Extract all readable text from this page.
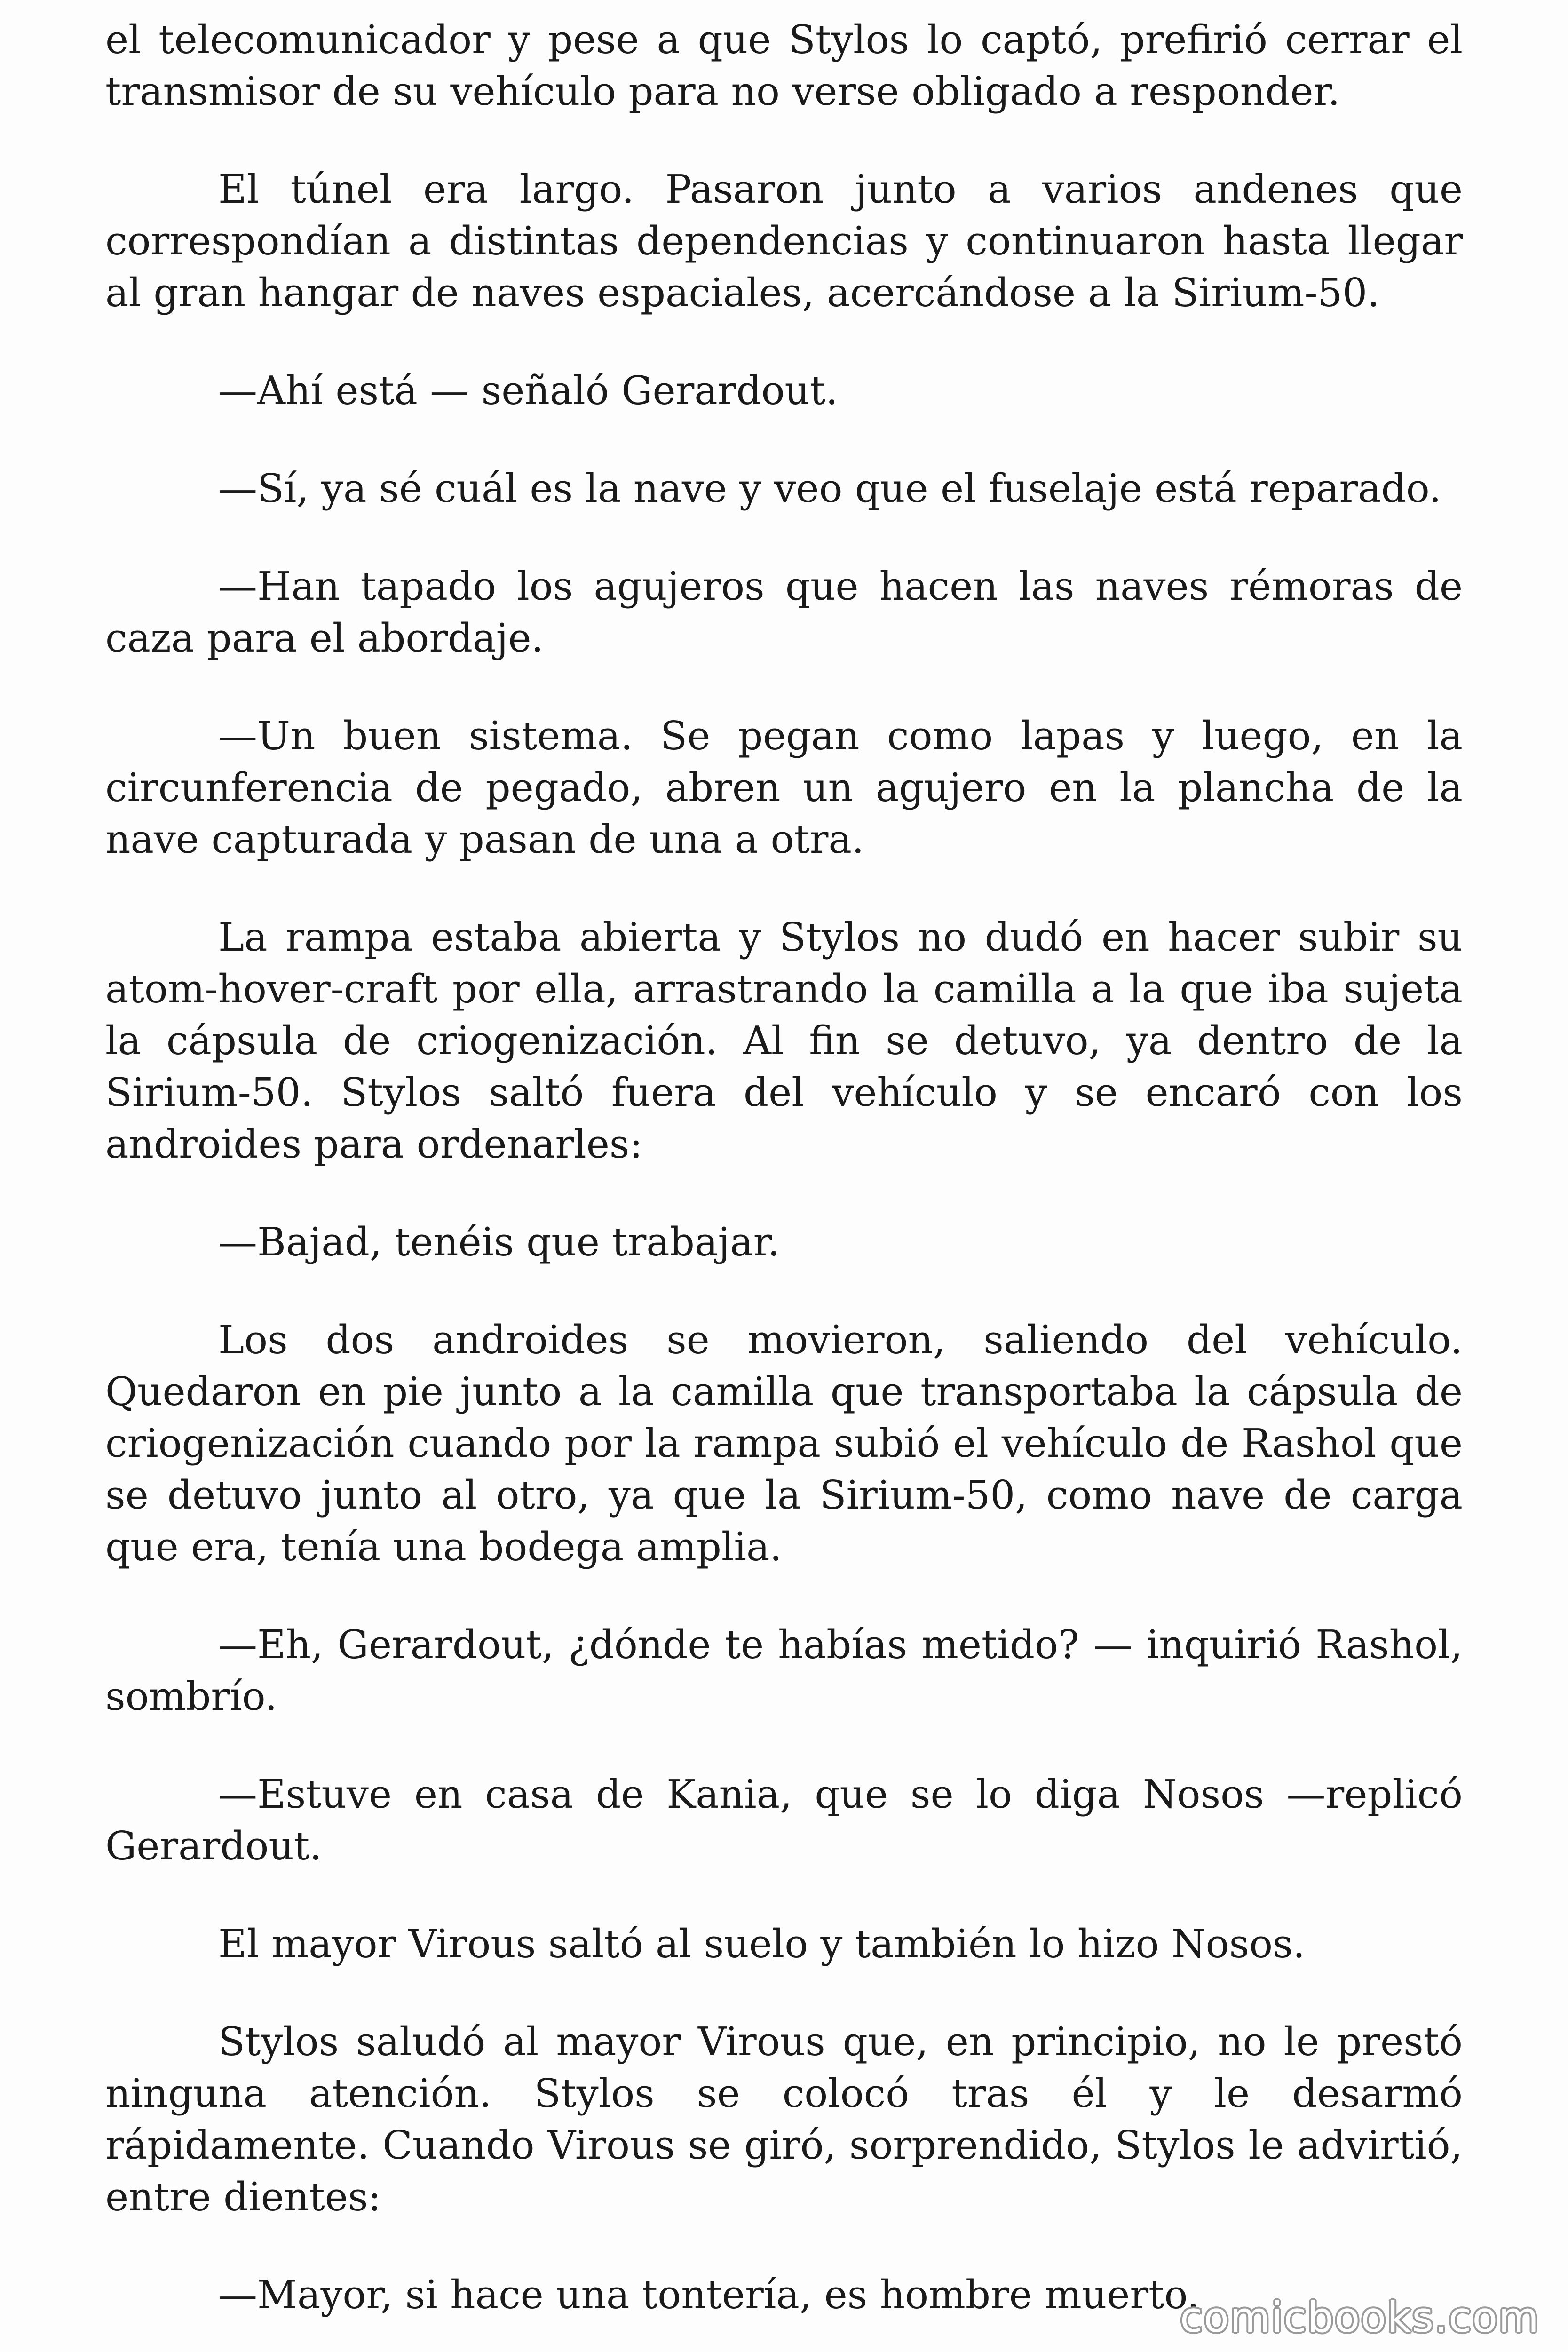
el telecomunicador y pese a que Stylos lo captó, prefirió cerrar el transmisor de su vehículo para no verse obligado a responder.

El túnel era largo. Pasaron junto a varios andenes que correspondían a distintas dependencias y continuaron hasta llegar al gran hangar de naves espaciales, acercándose a la Sirium-50.

—Ahí está — señaló Gerardout.

—Sí, ya sé cuál es la nave y veo que el fuselaje está reparado.

—Han tapado los agujeros que hacen las naves rémoras de caza para el abordaje.

—Un buen sistema. Se pegan como lapas y luego, en la circunferencia de pegado, abren un agujero en la plancha de la nave capturada y pasan de una a otra.

La rampa estaba abierta y Stylos no dudó en hacer subir su atom-hover-craft por ella, arrastrando la camilla a la que iba sujeta la cápsula de criogenización. Al fin se detuvo, ya dentro de la Sirium-50. Stylos saltó fuera del vehículo y se encaró con los androides para ordenarles:

—Bajad, tenéis que trabajar.

Los dos androides se movieron, saliendo del vehículo. Quedaron en pie junto a la camilla que transportaba la cápsula de criogenización cuando por la rampa subió el vehículo de Rashol que se detuvo junto al otro, ya que la Sirium-50, como nave de carga que era, tenía una bodega amplia.

—Eh, Gerardout, ¿dónde te habías metido? — inquirió Rashol, sombrío.

—Estuve en casa de Kania, que se lo diga Nosos —replicó Gerardout.

El mayor Virous saltó al suelo y también lo hizo Nosos.

Stylos saludó al mayor Virous que, en principio, no le prestó ninguna atención. Stylos se colocó tras él y le desarmó rápidamente. Cuando Virous se giró, sorprendido, Stylos le advirtió, entre dientes:

—Mayor, si hace una tontería, es hombre muerto.

comicbooks.com
